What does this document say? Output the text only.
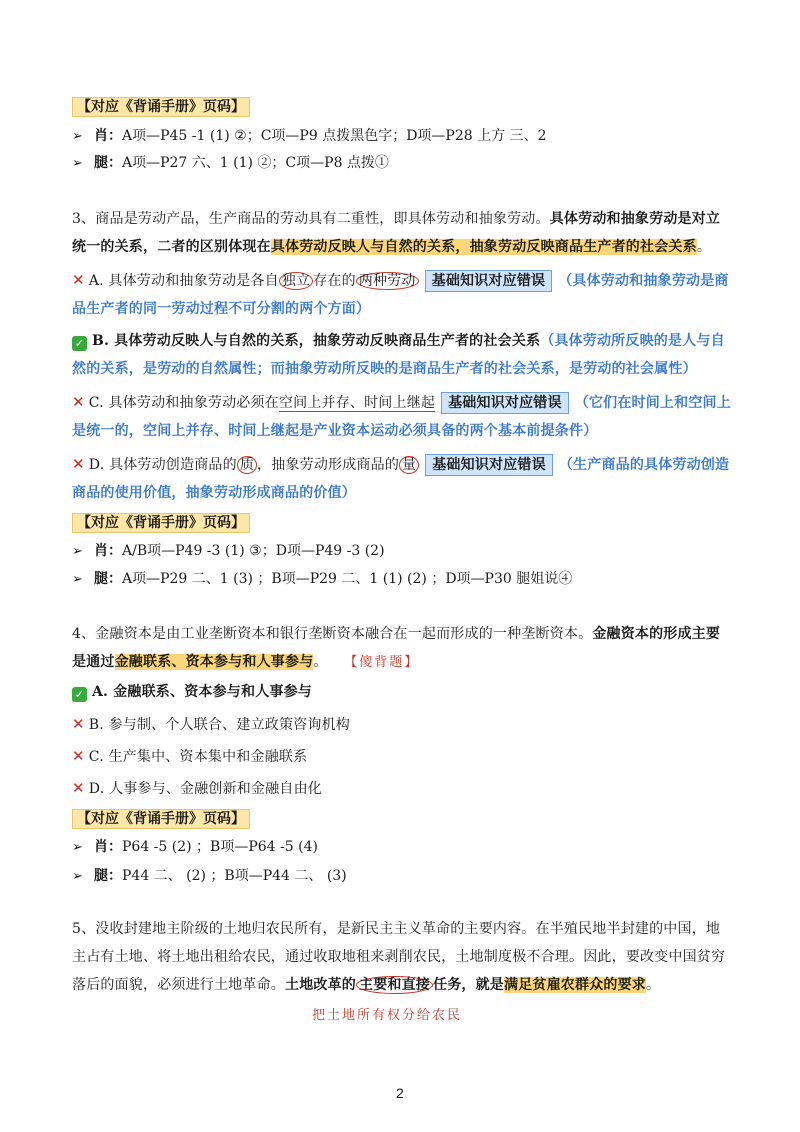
【对应《背诵手册》页码】
➢ 肖：A项—P45 -1 (1) ②；C项—P9 点拨黑色字；D项—P28 上方 三、2
➢ 腿：A项—P27 六、1 (1) ②；C项—P8 点拨①
3、商品是劳动产品，生产商品的劳动具有二重性，即具体劳动和抽象劳动。具体劳动和抽象劳动是对立统一的关系，二者的区别体现在具体劳动反映人与自然的关系，抽象劳动反映商品生产者的社会关系。
✕ A. 具体劳动和抽象劳动是各自 独立 存在的 两种劳动 基础知识对应错误 （具体劳动和抽象劳动是商品生产者的同一劳动过程不可分割的两个方面）
✓ B. 具体劳动反映人与自然的关系，抽象劳动反映商品生产者的社会关系（具体劳动所反映的是人与自然的关系，是劳动的自然属性；而抽象劳动所反映的是商品生产者的社会关系，是劳动的社会属性）
✕ C. 具体劳动和抽象劳动必须在空间上并存、时间上继起 基础知识对应错误 （它们在时间上和空间上是统一的，空间上并存、时间上继起是产业资本运动必须具备的两个基本前提条件）
✕ D. 具体劳动创造商品的 质 ，抽象劳动形成商品的 量 基础知识对应错误 （生产商品的具体劳动创造商品的使用价值，抽象劳动形成商品的价值）
【对应《背诵手册》页码】
➢ 肖：A/B项—P49 -3 (1) ③；D项—P49 -3 (2)
➢ 腿：A项—P29 二、1 (3) ；B项—P29 二、1 (1) (2) ；D项—P30 腿姐说④
4、金融资本是由工业垄断资本和银行垄断资本融合在一起而形成的一种垄断资本。金融资本的形成主要是通过金融联系、资本参与和人事参与。 【傻背题】
✓ A. 金融联系、资本参与和人事参与
✕ B. 参与制、个人联合、建立政策咨询机构
✕ C. 生产集中、资本集中和金融联系
✕ D. 人事参与、金融创新和金融自由化
【对应《背诵手册》页码】
➢ 肖：P64 -5 (2) ；B项—P64 -5 (4)
➢ 腿：P44 二、 (2) ；B项—P44 二、 (3)
5、没收封建地主阶级的土地归农民所有，是新民主主义革命的主要内容。在半殖民地半封建的中国，地主占有土地、将土地出租给农民，通过收取地租来剥削农民，土地制度极不合理。因此，要改变中国贫穷落后的面貌，必须进行土地革命。土地改革的 主要和直接 任务，就是满足贫雇农群众的要求。
把土地所有权分给农民
2
